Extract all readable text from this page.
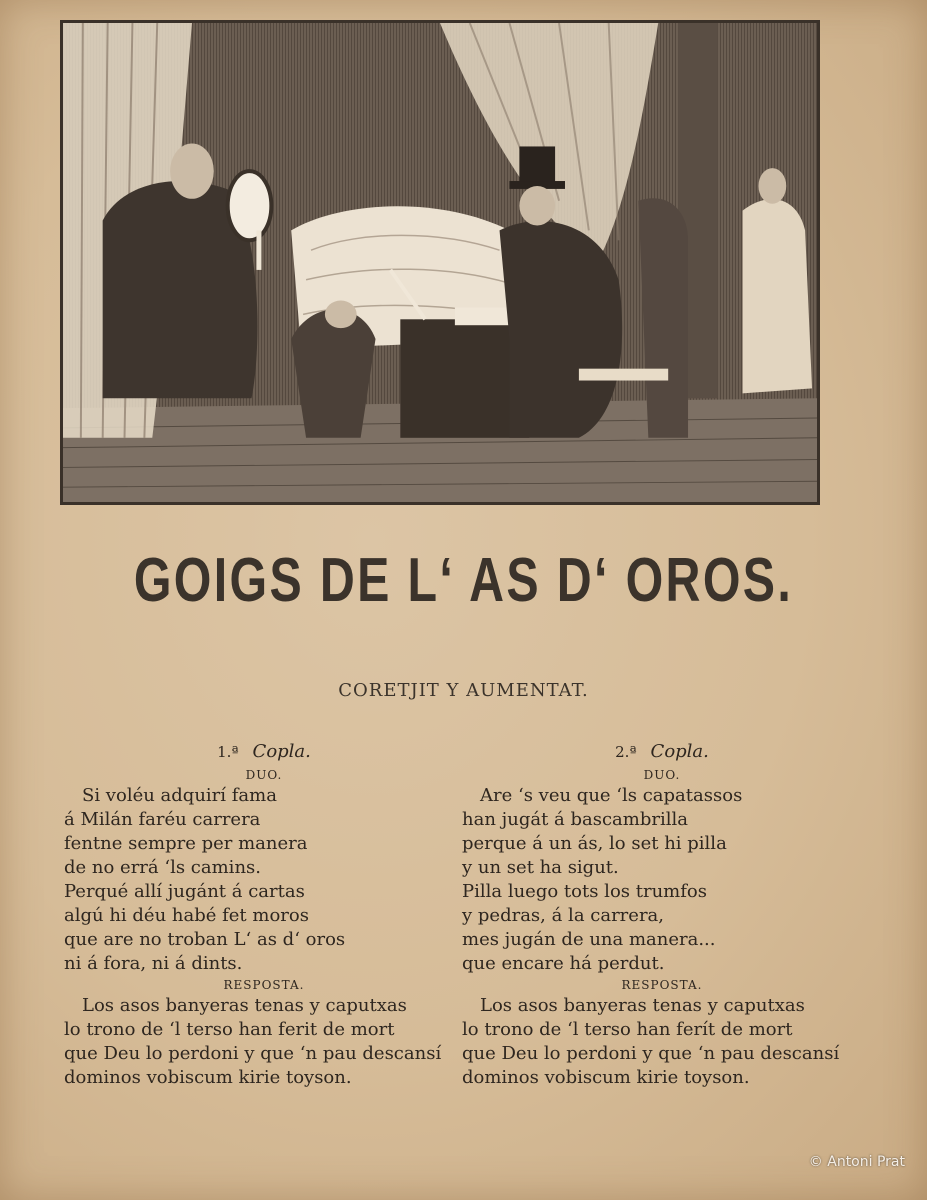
GOIGS DE L‘ AS D‘ OROS.
CORETJIT Y AUMENTAT.
1.ª Copla.

DUO.

Si voléu adquirí fama

á Milán faréu carrera

fentne sempre per manera

de no errá ‘ls camins.

Perqué allí jugánt á cartas

algú hi déu habé fet moros

que are no troban L‘ as d‘ oros

ni á fora, ni á dints.

RESPOSTA.

Los asos banyeras tenas y caputxas

lo trono de ‘l terso han ferit de mort

que Deu lo perdoni y que ‘n pau descansí

dominos vobiscum kirie toyson.

2.ª Copla.

DUO.

Are ‘s veu que ‘ls capatassos

han jugát á bascambrilla

perque á un ás, lo set hi pilla

y un set ha sigut.

Pilla luego tots los trumfos

y pedras, á la carrera,

mes jugán de una manera...

que encare há perdut.

RESPOSTA.

Los asos banyeras tenas y caputxas

lo trono de ‘l terso han ferít de mort

que Deu lo perdoni y que ‘n pau descansí

dominos vobiscum kirie toyson.

© Antoni Prat
